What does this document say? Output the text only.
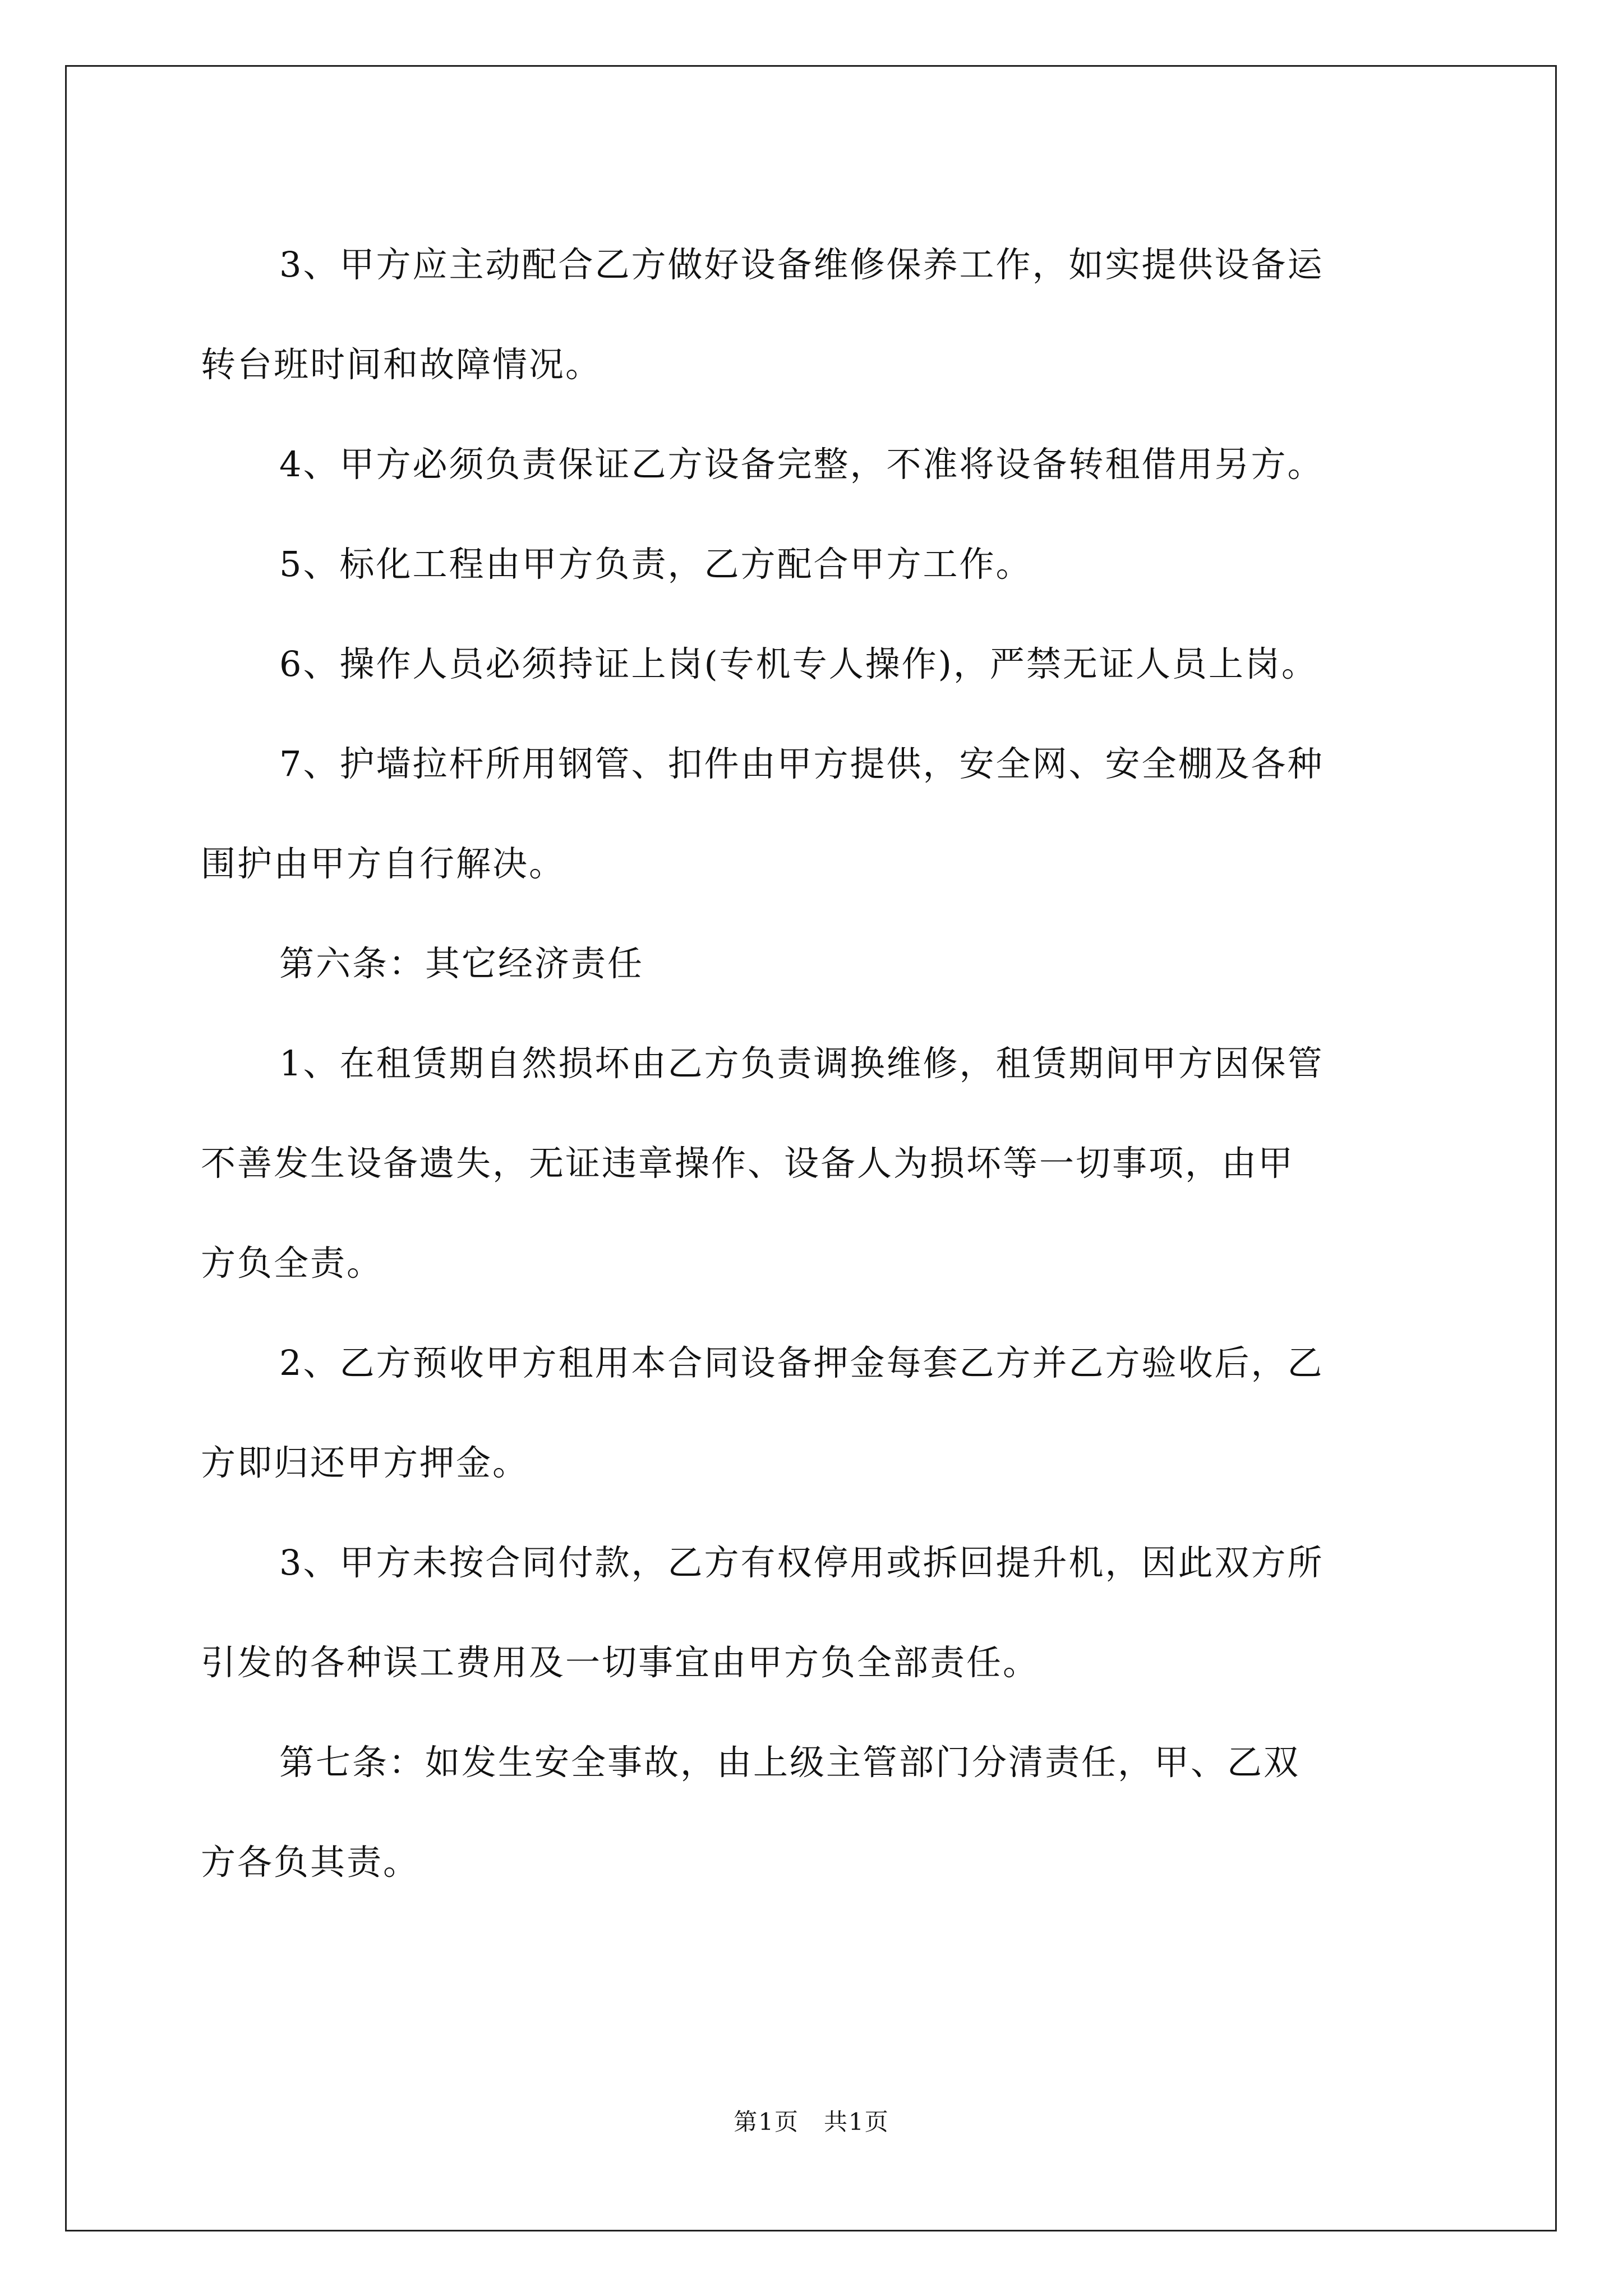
3、甲方应主动配合乙方做好设备维修保养工作，如实提供设备运
转台班时间和故障情况。

4、甲方必须负责保证乙方设备完整，不准将设备转租借用另方。

5、标化工程由甲方负责，乙方配合甲方工作。

6、操作人员必须持证上岗(专机专人操作)，严禁无证人员上岗。

7、护墙拉杆所用钢管、扣件由甲方提供，安全网、安全棚及各种
围护由甲方自行解决。

第六条：其它经济责任

1、在租赁期自然损坏由乙方负责调换维修，租赁期间甲方因保管
不善发生设备遗失，无证违章操作、设备人为损坏等一切事项，由甲
方负全责。

2、乙方预收甲方租用本合同设备押金每套乙方并乙方验收后，乙
方即归还甲方押金。

3、甲方未按合同付款，乙方有权停用或拆回提升机，因此双方所
引发的各种误工费用及一切事宜由甲方负全部责任。

第七条：如发生安全事故，由上级主管部门分清责任，甲、乙双
方各负其责。

第1页　共1页
